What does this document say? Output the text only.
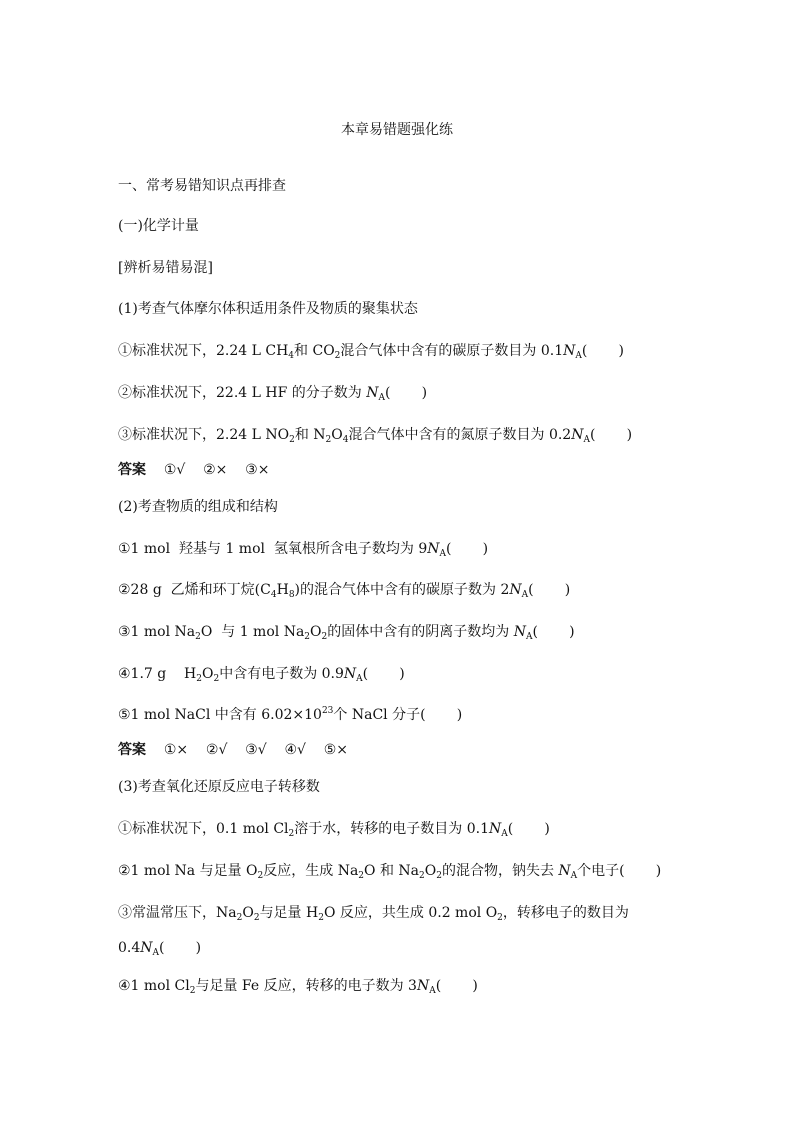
本章易错题强化练
一、常考易错知识点再排查
(一)化学计量
[辨析易错易混]
(1)考查气体摩尔体积适用条件及物质的聚集状态
①标准状况下，2.24 L $CH_4$和 $CO_2$混合气体中含有的碳原子数目为 $0.1N_A$(       )
②标准状况下，22.4 L HF 的分子数为 $N_A$(       )
③标准状况下，2.24 L $NO_2$和 $N_2O_4$混合气体中含有的氮原子数目为 $0.2N_A$(       )
答案 ①√    ②×    ③×
(2)考查物质的组成和结构
①1 mol  羟基与 1 mol  氢氧根所含电子数均为 $9N_A$(       )
②28 g  乙烯和环丁烷$(C_4H_8)$的混合气体中含有的碳原子数为 $2N_A$(       )
③1 mol $Na_2O$  与 1 mol $Na_2O_2$的固体中含有的阴离子数均为 $N_A$(       )
④1.7 g    $H_2O_2$中含有电子数为 $0.9N_A$(       )
⑤1 mol NaCl 中含有 $6.02\times 10^{23}$个 NaCl 分子(       )
答案 ①×    ②√    ③√    ④√    ⑤×
(3)考查氧化还原反应电子转移数
①标准状况下，0.1 mol $Cl_2$溶于水，转移的电子数目为 $0.1N_A$(       )
②1 mol Na 与足量 $O_2$反应，生成 $Na_2O$ 和 $Na_2O_2$的混合物，钠失去 $N_A$个电子(       )
③常温常压下，$Na_2O_2$与足量 $H_2O$ 反应，共生成 0.2 mol $O_2$，转移电子的数目为
$0.4N_A$(       )
④1 mol $Cl_2$与足量 Fe 反应，转移的电子数为 $3N_A$(       )
